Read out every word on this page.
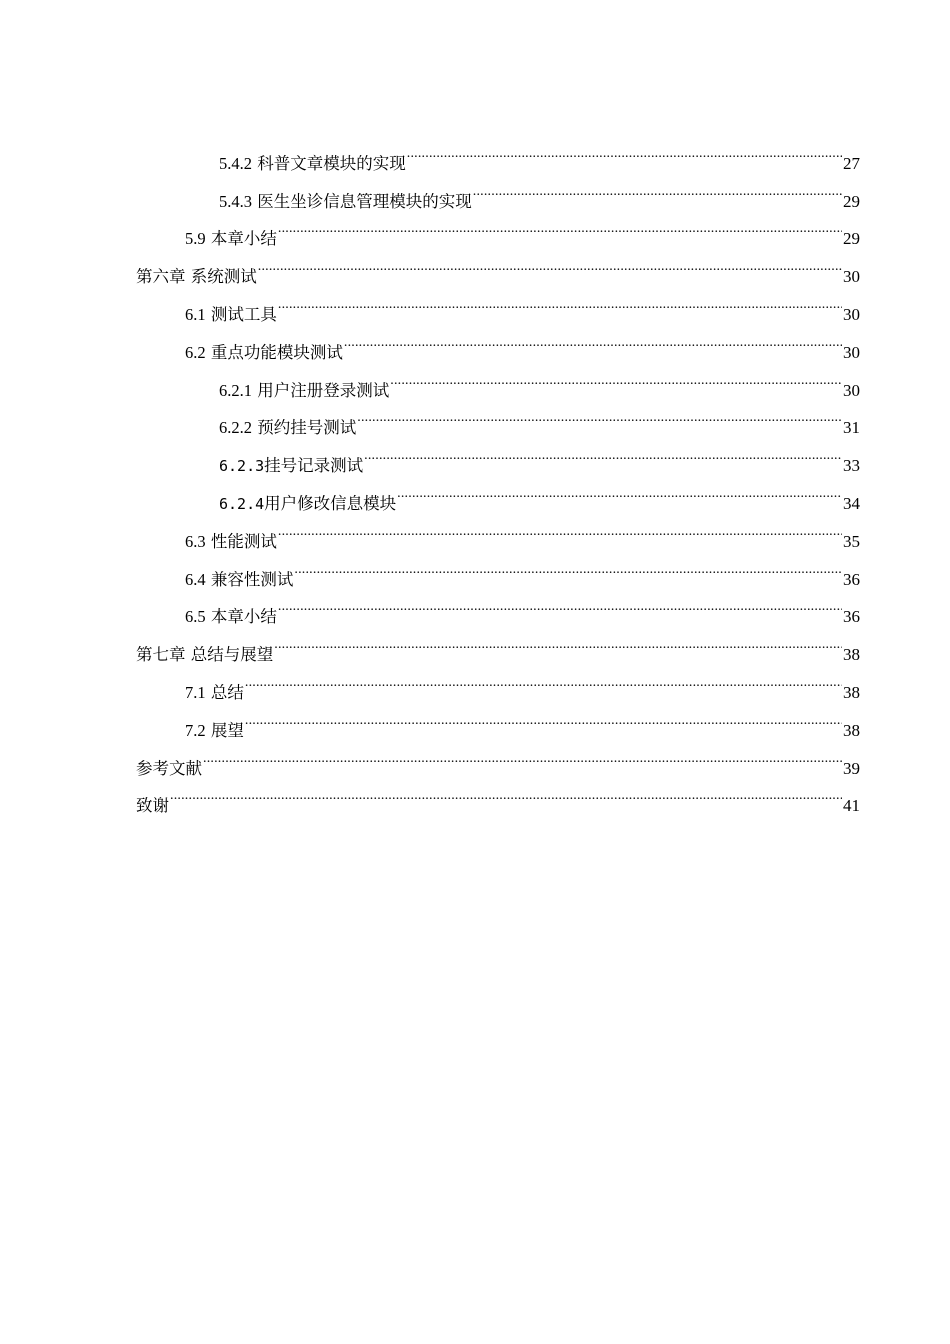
5.4.2 科普文章模块的实现 .....	27
5.4.3 医生坐诊信息管理模块的实现 .....	29
5.9 本章小结 .....	29
第六章 系统测试 .....	30
6.1 测试工具 .....	30
6.2 重点功能模块测试 .....	30
6.2.1 用户注册登录测试 .....	30
6.2.2 预约挂号测试 .....	31
6.2.3挂号记录测试 .....	33
6.2.4用户修改信息模块 .....	34
6.3 性能测试 .....	35
6.4 兼容性测试 .....	36
6.5 本章小结 .....	36
第七章 总结与展望 .....	38
7.1 总结 .....	38
7.2 展望 .....	38
参考文献 .....	39
致谢 .....	41
